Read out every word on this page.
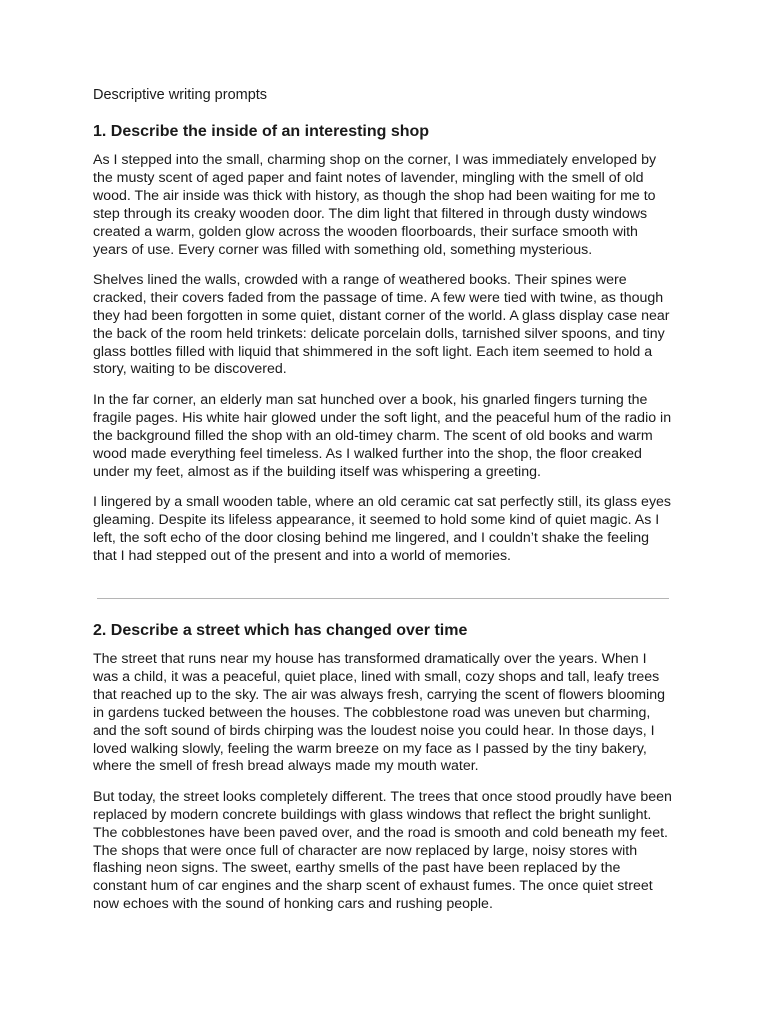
Descriptive writing prompts
1. Describe the inside of an interesting shop

As I stepped into the small, charming shop on the corner, I was immediately enveloped by the musty scent of aged paper and faint notes of lavender, mingling with the smell of old wood. The air inside was thick with history, as though the shop had been waiting for me to step through its creaky wooden door. The dim light that filtered in through dusty windows created a warm, golden glow across the wooden floorboards, their surface smooth with years of use. Every corner was filled with something old, something mysterious.

Shelves lined the walls, crowded with a range of weathered books. Their spines were cracked, their covers faded from the passage of time. A few were tied with twine, as though they had been forgotten in some quiet, distant corner of the world. A glass display case near the back of the room held trinkets: delicate porcelain dolls, tarnished silver spoons, and tiny glass bottles filled with liquid that shimmered in the soft light. Each item seemed to hold a story, waiting to be discovered.

In the far corner, an elderly man sat hunched over a book, his gnarled fingers turning the fragile pages. His white hair glowed under the soft light, and the peaceful hum of the radio in the background filled the shop with an old-timey charm. The scent of old books and warm wood made everything feel timeless. As I walked further into the shop, the floor creaked under my feet, almost as if the building itself was whispering a greeting.

I lingered by a small wooden table, where an old ceramic cat sat perfectly still, its glass eyes gleaming. Despite its lifeless appearance, it seemed to hold some kind of quiet magic. As I left, the soft echo of the door closing behind me lingered, and I couldn’t shake the feeling that I had stepped out of the present and into a world of memories.

2. Describe a street which has changed over time

The street that runs near my house has transformed dramatically over the years. When I was a child, it was a peaceful, quiet place, lined with small, cozy shops and tall, leafy trees that reached up to the sky. The air was always fresh, carrying the scent of flowers blooming in gardens tucked between the houses. The cobblestone road was uneven but charming, and the soft sound of birds chirping was the loudest noise you could hear. In those days, I loved walking slowly, feeling the warm breeze on my face as I passed by the tiny bakery, where the smell of fresh bread always made my mouth water.

But today, the street looks completely different. The trees that once stood proudly have been replaced by modern concrete buildings with glass windows that reflect the bright sunlight. The cobblestones have been paved over, and the road is smooth and cold beneath my feet. The shops that were once full of character are now replaced by large, noisy stores with flashing neon signs. The sweet, earthy smells of the past have been replaced by the constant hum of car engines and the sharp scent of exhaust fumes. The once quiet street now echoes with the sound of honking cars and rushing people.
